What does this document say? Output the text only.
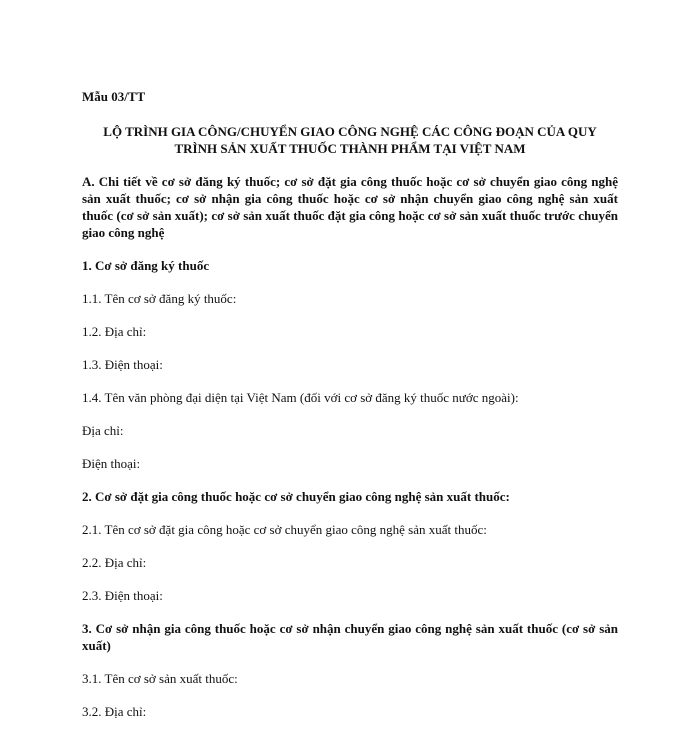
Mẫu 03/TT
LỘ TRÌNH GIA CÔNG/CHUYỂN GIAO CÔNG NGHỆ CÁC CÔNG ĐOẠN CỦA QUY
TRÌNH SẢN XUẤT THUỐC THÀNH PHẨM TẠI VIỆT NAM
A. Chi tiết về cơ sở đăng ký thuốc; cơ sở đặt gia công thuốc hoặc cơ sở chuyển giao công nghệ sản xuất thuốc; cơ sở nhận gia công thuốc hoặc cơ sở nhận chuyển giao công nghệ sản xuất thuốc (cơ sở sản xuất); cơ sở sản xuất thuốc đặt gia công hoặc cơ sở sản xuất thuốc trước chuyển giao công nghệ
1. Cơ sở đăng ký thuốc
1.1. Tên cơ sở đăng ký thuốc:
1.2. Địa chỉ:
1.3. Điện thoại:
1.4. Tên văn phòng đại diện tại Việt Nam (đối với cơ sở đăng ký thuốc nước ngoài):
Địa chỉ:
Điện thoại:
2. Cơ sở đặt gia công thuốc hoặc cơ sở chuyển giao công nghệ sản xuất thuốc:
2.1. Tên cơ sở đặt gia công hoặc cơ sở chuyển giao công nghệ sản xuất thuốc:
2.2. Địa chỉ:
2.3. Điện thoại:
3. Cơ sở nhận gia công thuốc hoặc cơ sở nhận chuyển giao công nghệ sản xuất thuốc (cơ sở sản xuất)
3.1. Tên cơ sở sản xuất thuốc:
3.2. Địa chỉ:
